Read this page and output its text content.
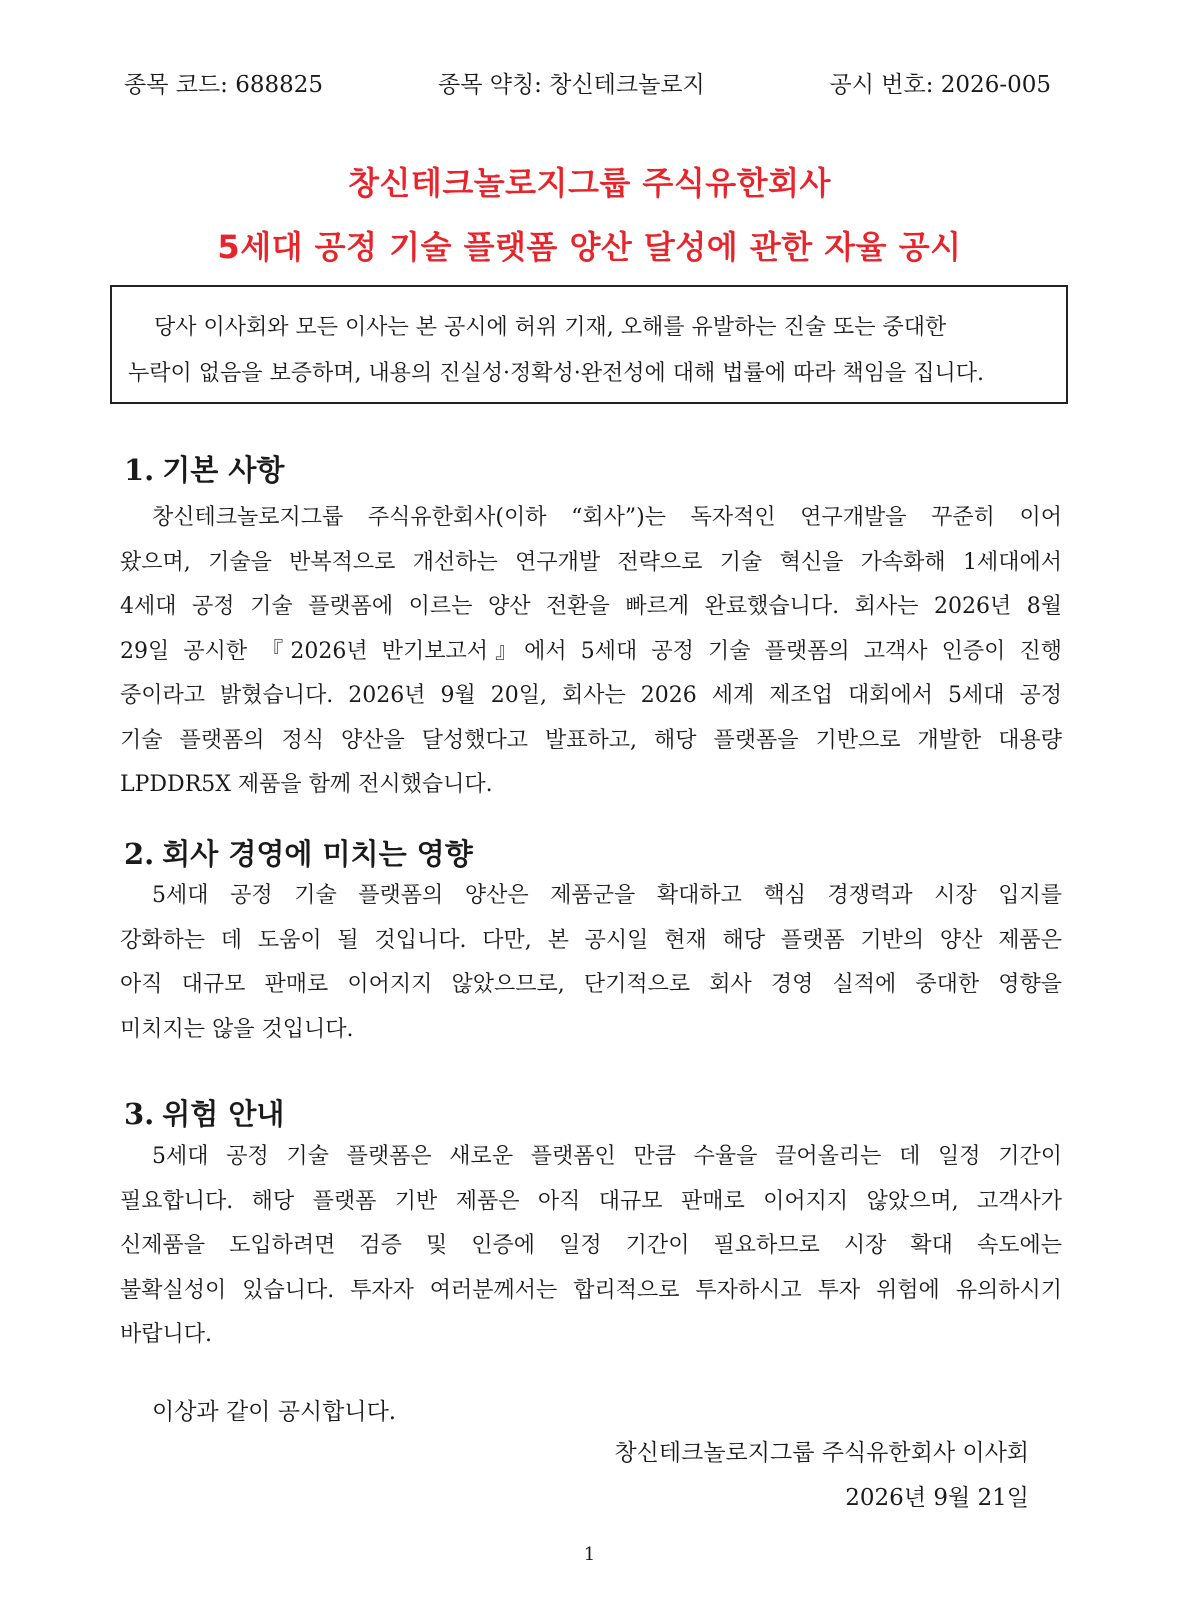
종목 코드: 688825	종목 약칭: 창신테크놀로지	공시 번호: 2026-005
창신테크놀로지그룹 주식유한회사
5세대 공정 기술 플랫폼 양산 달성에 관한 자율 공시

당사 이사회와 모든 이사는 본 공시에 허위 기재, 오해를 유발하는 진술 또는 중대한

누락이 없음을 보증하며, 내용의 진실성·정확성·완전성에 대해 법률에 따라 책임을 집니다.

1. 기본 사항
창신테크놀로지그룹 주식유한회사(이하 “회사”)는 독자적인 연구개발을 꾸준히 이어
왔으며, 기술을 반복적으로 개선하는 연구개발 전략으로 기술 혁신을 가속화해 1세대에서
4세대 공정 기술 플랫폼에 이르는 양산 전환을 빠르게 완료했습니다. 회사는 2026년 8월
29일 공시한 『2026년 반기보고서』에서 5세대 공정 기술 플랫폼의 고객사 인증이 진행
중이라고 밝혔습니다. 2026년 9월 20일, 회사는 2026 세계 제조업 대회에서 5세대 공정
기술 플랫폼의 정식 양산을 달성했다고 발표하고, 해당 플랫폼을 기반으로 개발한 대용량
LPDDR5X 제품을 함께 전시했습니다.
2. 회사 경영에 미치는 영향
5세대 공정 기술 플랫폼의 양산은 제품군을 확대하고 핵심 경쟁력과 시장 입지를
강화하는 데 도움이 될 것입니다. 다만, 본 공시일 현재 해당 플랫폼 기반의 양산 제품은
아직 대규모 판매로 이어지지 않았으므로, 단기적으로 회사 경영 실적에 중대한 영향을
미치지는 않을 것입니다.
3. 위험 안내
5세대 공정 기술 플랫폼은 새로운 플랫폼인 만큼 수율을 끌어올리는 데 일정 기간이
필요합니다. 해당 플랫폼 기반 제품은 아직 대규모 판매로 이어지지 않았으며, 고객사가
신제품을 도입하려면 검증 및 인증에 일정 기간이 필요하므로 시장 확대 속도에는
불확실성이 있습니다. 투자자 여러분께서는 합리적으로 투자하시고 투자 위험에 유의하시기
바랍니다.
이상과 같이 공시합니다.
창신테크놀로지그룹 주식유한회사 이사회
2026년 9월 21일
1
